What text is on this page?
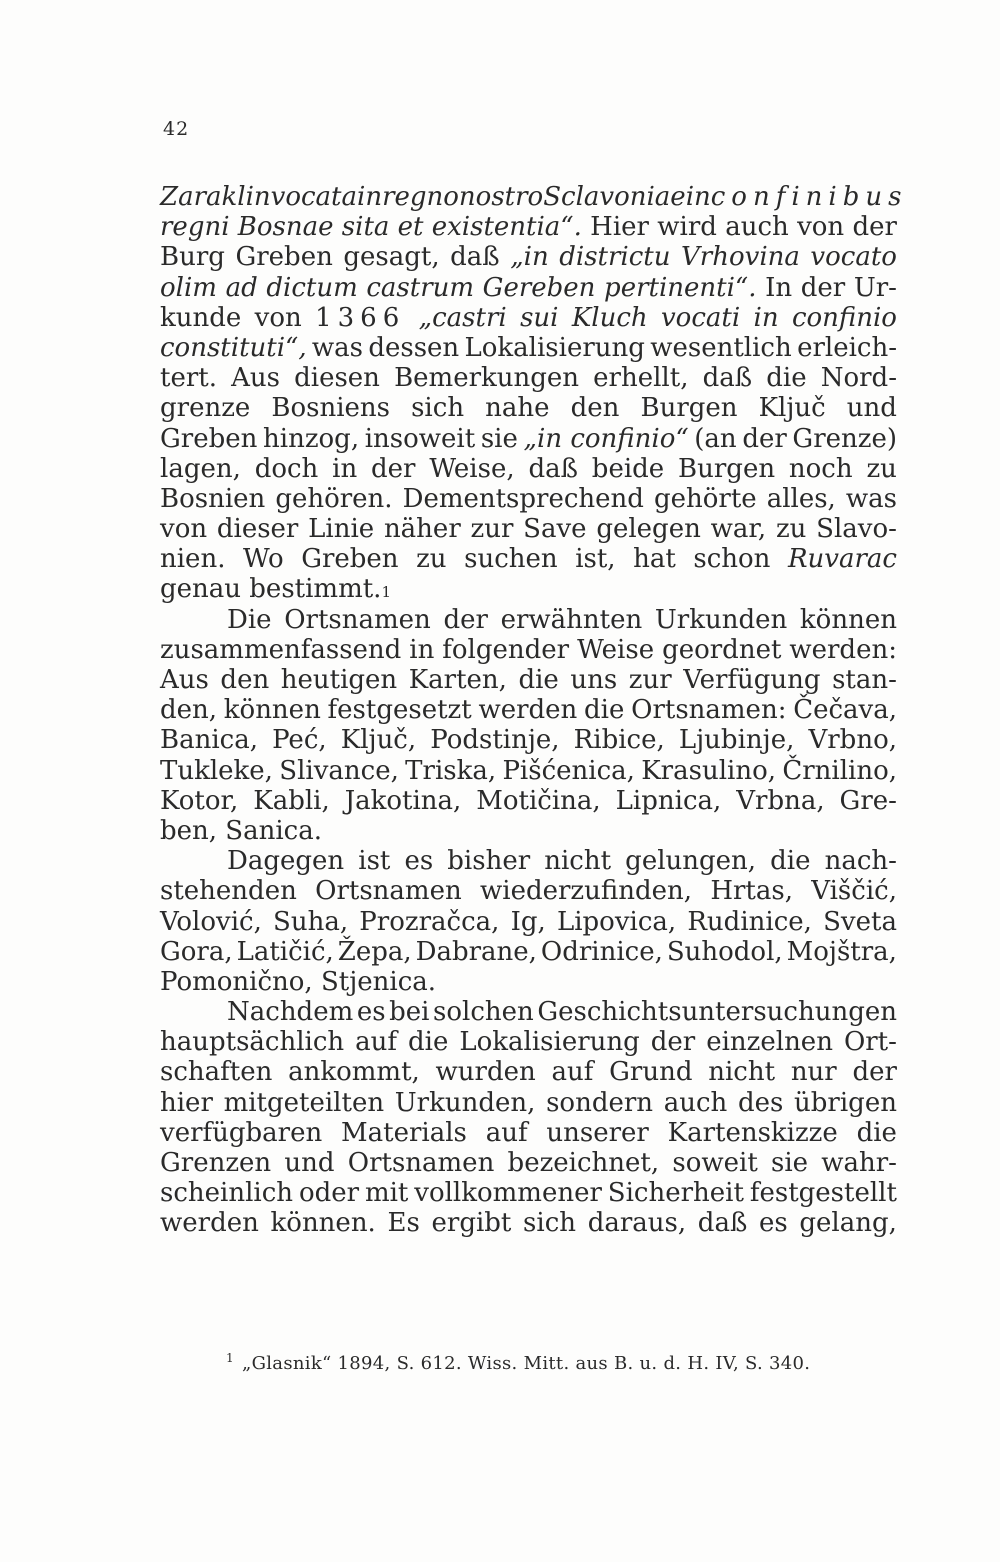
42
Zaraklin vocata in regno nostro Sclavoniae in confinibus
regni Bosnae sita et existentia“. Hier wird auch von der
Burg Greben gesagt, daß „in districtu Vrhovina vocato
olim ad dictum castrum Gereben pertinenti“. In der Ur-
kunde von 1366 „castri sui Kluch vocati in confinio
constituti“, was dessen Lokalisierung wesentlich erleich-
tert. Aus diesen Bemerkungen erhellt, daß die Nord-
grenze Bosniens sich nahe den Burgen Ključ und
Greben hinzog, insoweit sie „in confinio“ (an der Grenze)
lagen, doch in der Weise, daß beide Burgen noch zu
Bosnien gehören. Dementsprechend gehörte alles, was
von dieser Linie näher zur Save gelegen war, zu Slavo-
nien. Wo Greben zu suchen ist, hat schon Ruvarac
genau bestimmt. 1
Die Ortsnamen der erwähnten Urkunden können
zusammenfassend in folgender Weise geordnet werden:
Aus den heutigen Karten, die uns zur Verfügung stan-
den, können festgesetzt werden die Ortsnamen: Čečava,
Banica, Peć, Ključ, Podstinje, Ribice, Ljubinje, Vrbno,
Tukleke, Slivance, Triska, Pišćenica, Krasulino, Črnilino,
Kotor, Kabli, Jakotina, Motičina, Lipnica, Vrbna, Gre-
ben, Sanica.
Dagegen ist es bisher nicht gelungen, die nach-
stehenden Ortsnamen wiederzufinden, Hrtas, Viščić,
Volović, Suha, Prozračca, Ig, Lipovica, Rudinice, Sveta
Gora, Latičić, Žepa, Dabrane, Odrinice, Suhodol, Mojštra,
Pomonično, Stjenica.
Nachdem es bei solchen Geschichtsuntersuchungen
hauptsächlich auf die Lokalisierung der einzelnen Ort-
schaften ankommt, wurden auf Grund nicht nur der
hier mitgeteilten Urkunden, sondern auch des übrigen
verfügbaren Materials auf unserer Kartenskizze die
Grenzen und Ortsnamen bezeichnet, soweit sie wahr-
scheinlich oder mit vollkommener Sicherheit festgestellt
werden können. Es ergibt sich daraus, daß es gelang,
$^1$ „Glasnik“ 1894, S. 612. Wiss. Mitt. aus B. u. d. H. IV, S. 340.
